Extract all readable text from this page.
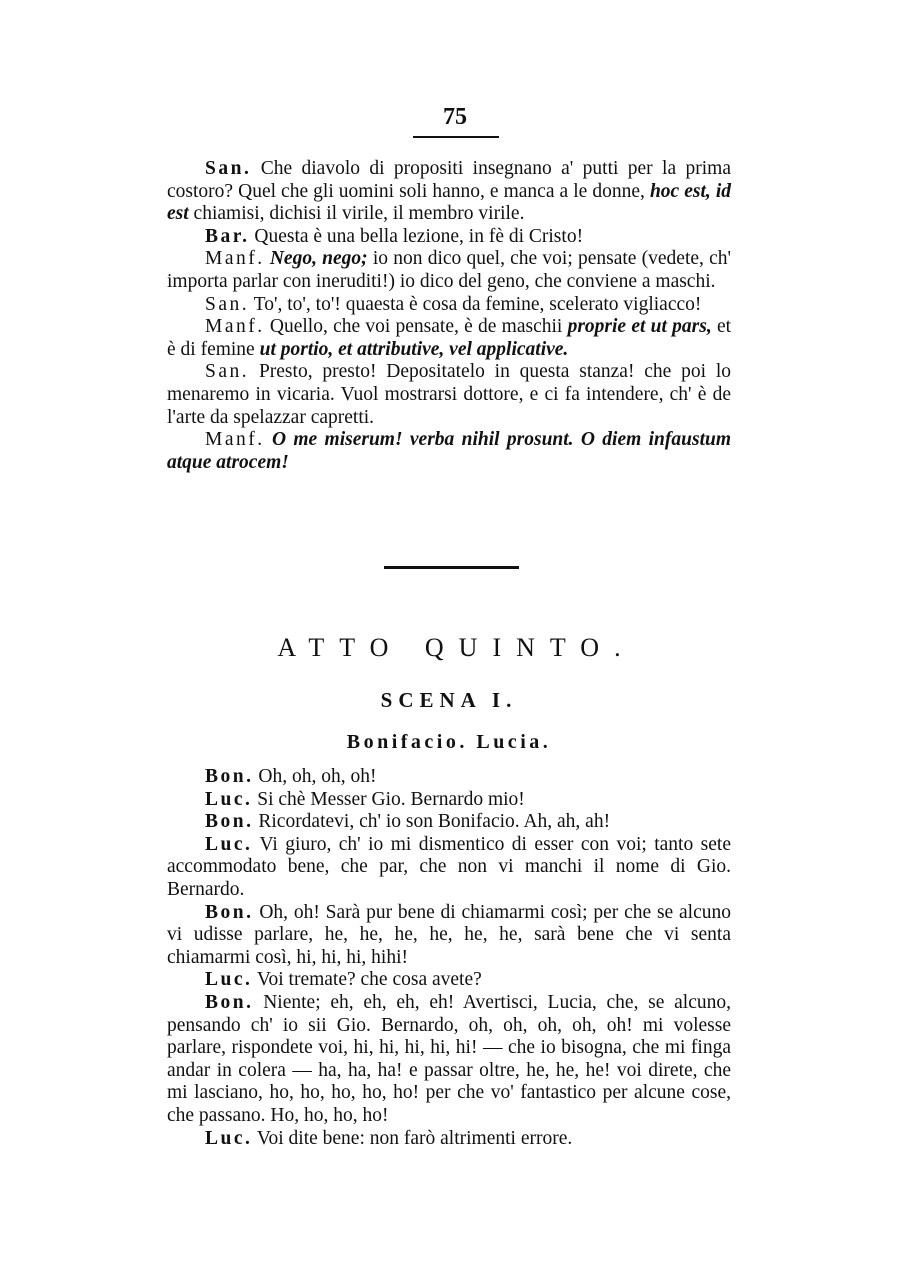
75

San. Che diavolo di propositi insegnano a' putti per la prima costoro? Quel che gli uomini soli hanno, e manca a le donne, hoc est, id est chiamisi, dichisi il virile, il membro virile.

Bar. Questa è una bella lezione, in fè di Cristo!

Manf. Nego, nego; io non dico quel, che voi; pensate (vedete, ch' importa parlar con ineruditi!) io dico del geno, che conviene a maschi.

San. To', to', to'! quaesta è cosa da femine, scelerato vigliacco!

Manf. Quello, che voi pensate, è de maschii proprie et ut pars, et è di femine ut portio, et attributive, vel applicative.

San. Presto, presto! Depositatelo in questa stanza! che poi lo menaremo in vicaria. Vuol mostrarsi dottore, e ci fa intendere, ch' è de l'arte da spelazzar capretti.

Manf. O me miserum! verba nihil prosunt. O diem infaustum atque atrocem!

ATTO QUINTO.
SCENA I.
Bonifacio. Lucia.

Bon. Oh, oh, oh, oh!

Luc. Si chè Messer Gio. Bernardo mio!

Bon. Ricordatevi, ch' io son Bonifacio. Ah, ah, ah!

Luc. Vi giuro, ch' io mi dismentico di esser con voi; tanto sete accommodato bene, che par, che non vi manchi il nome di Gio. Bernardo.

Bon. Oh, oh! Sarà pur bene di chiamarmi così; per che se alcuno vi udisse parlare, he, he, he, he, he, he, sarà bene che vi senta chiamarmi così, hi, hi, hi, hihi!

Luc. Voi tremate? che cosa avete?

Bon. Niente; eh, eh, eh, eh! Avertisci, Lucia, che, se alcuno, pensando ch' io sii Gio. Bernardo, oh, oh, oh, oh, oh! mi volesse parlare, rispondete voi, hi, hi, hi, hi, hi! — che io bisogna, che mi finga andar in colera — ha, ha, ha! e passar oltre, he, he, he! voi direte, che mi lasciano, ho, ho, ho, ho, ho! per che vo' fantastico per alcune cose, che passano. Ho, ho, ho, ho!

Luc. Voi dite bene: non farò altrimenti errore.
